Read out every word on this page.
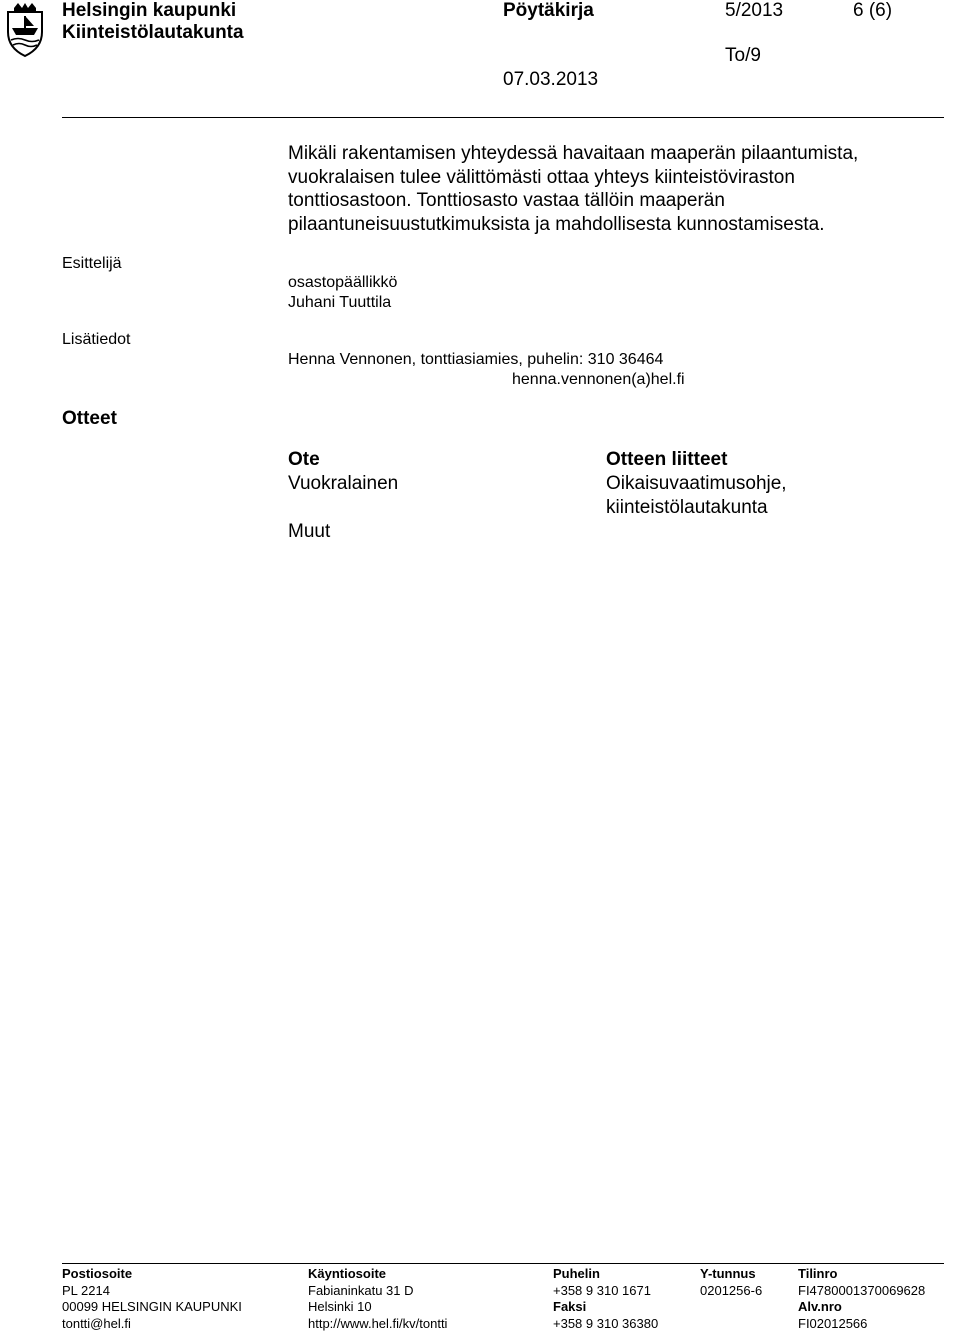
Helsingin kaupunki
Kiinteistölautakunta
Pöytäkirja	5/2013	6 (6)
To/9
07.03.2013
Mikäli rakentamisen yhteydessä havaitaan maaperän pilaantumista,
vuokralaisen tulee välittömästi ottaa yhteys kiinteistöviraston
tonttiosastoon. Tonttiosasto vastaa tällöin maaperän
pilaantuneisuustutkimuksista ja mahdollisesta kunnostamisesta.
Esittelijä
osastopäällikkö
Juhani Tuuttila
Lisätiedot
Henna Vennonen, tonttiasiamies, puhelin: 310 36464
henna.vennonen(a)hel.fi
Otteet
Ote
Vuokralainen
Muut
Otteen liitteet
Oikaisuvaatimusohje,
kiinteistölautakunta
Postiosoite
PL 2214
00099 HELSINGIN KAUPUNKI
tontti@hel.fi
Käyntiosoite
Fabianinkatu 31 D
Helsinki 10
http://www.hel.fi/kv/tontti
Puhelin
+358 9 310 1671
Faksi
+358 9 310 36380
Y-tunnus
0201256-6
Tilinro
FI4780001370069628
Alv.nro
FI02012566
